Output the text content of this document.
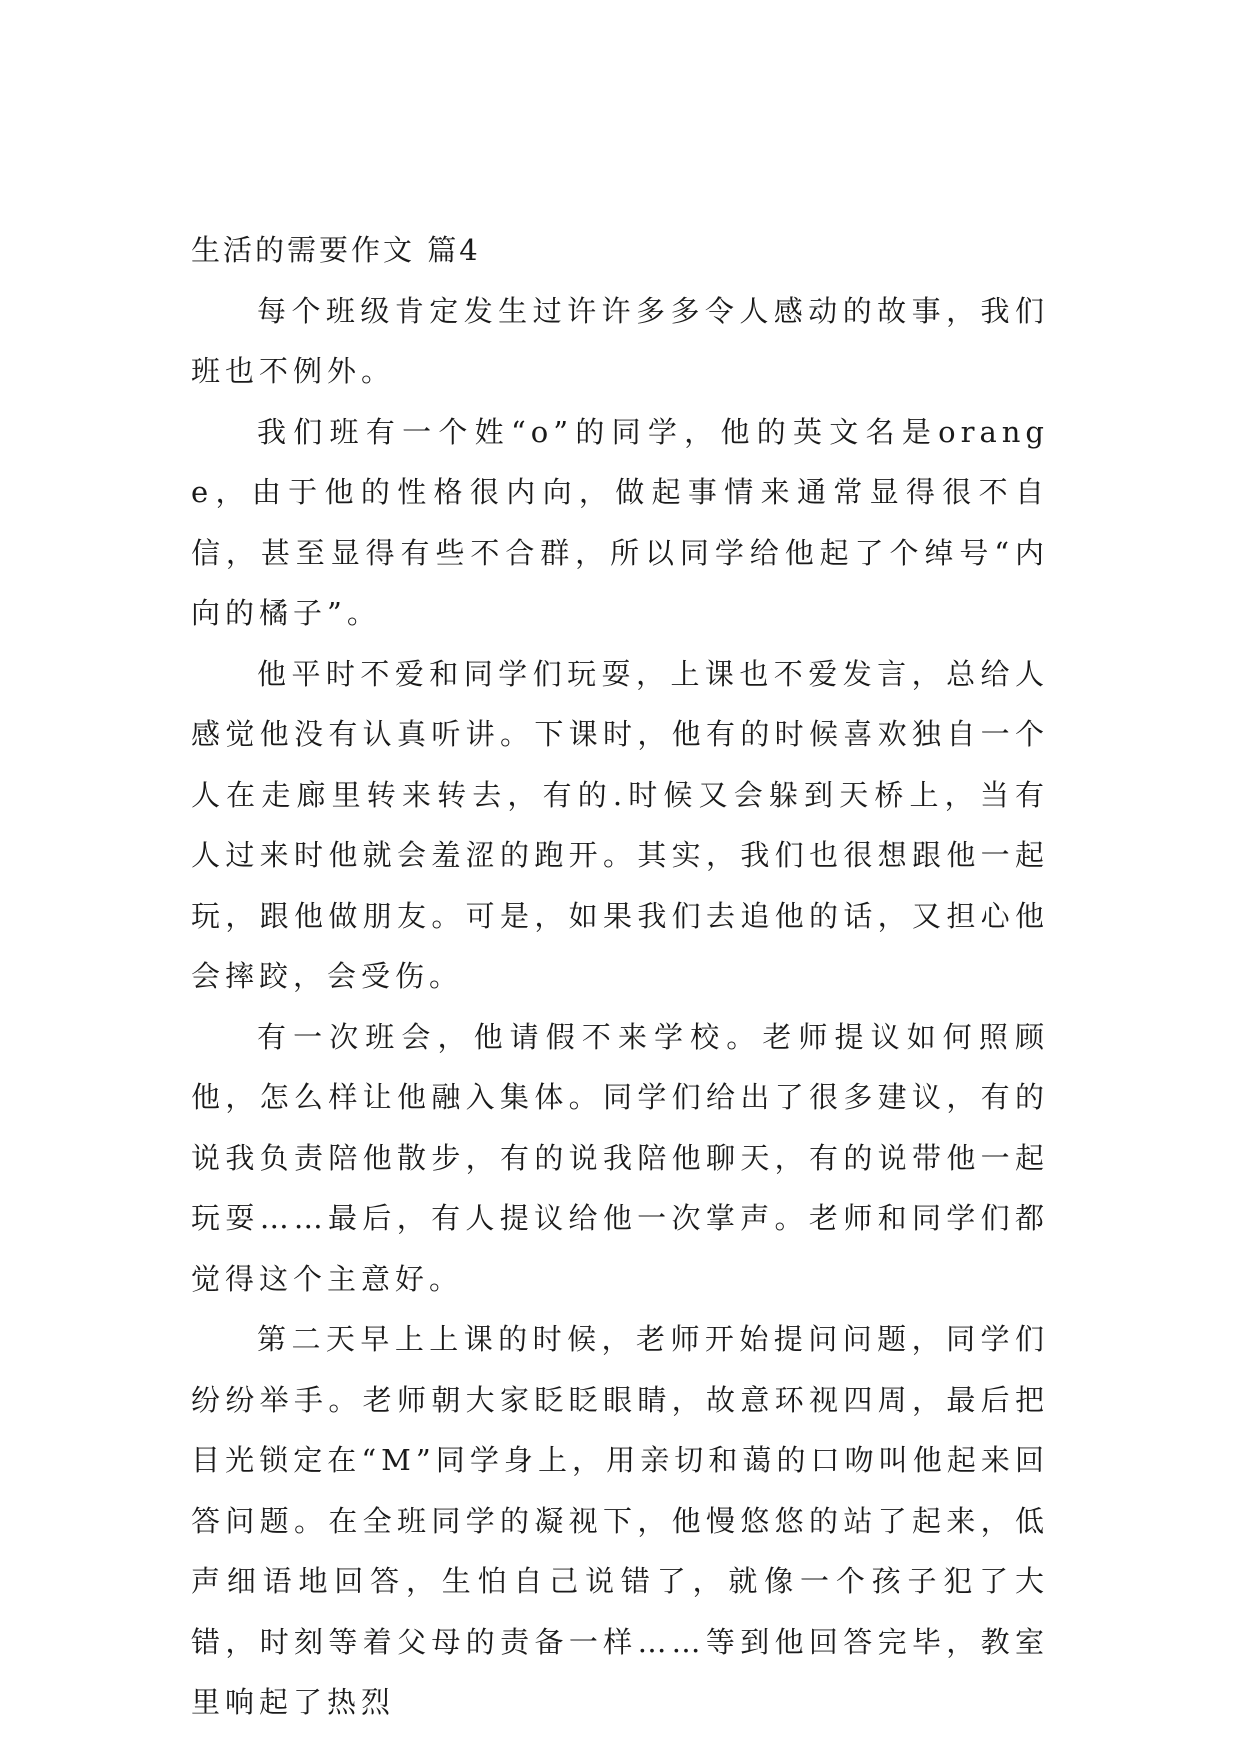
生活的需要作文 篇4

每个班级肯定发生过许许多多令人感动的故事，我们班也不例外。

我们班有一个姓“o”的同学，他的英文名是orange，由于他的性格很内向，做起事情来通常显得很不自信，甚至显得有些不合群，所以同学给他起了个绰号“内向的橘子”。

他平时不爱和同学们玩耍，上课也不爱发言，总给人感觉他没有认真听讲。下课时，他有的时候喜欢独自一个人在走廊里转来转去，有的.时候又会躲到天桥上，当有人过来时他就会羞涩的跑开。其实，我们也很想跟他一起玩，跟他做朋友。可是，如果我们去追他的话，又担心他会摔跤，会受伤。

有一次班会，他请假不来学校。老师提议如何照顾他，怎么样让他融入集体。同学们给出了很多建议，有的说我负责陪他散步，有的说我陪他聊天，有的说带他一起玩耍……最后，有人提议给他一次掌声。老师和同学们都觉得这个主意好。

第二天早上上课的时候，老师开始提问问题，同学们纷纷举手。老师朝大家眨眨眼睛，故意环视四周，最后把目光锁定在“M”同学身上，用亲切和蔼的口吻叫他起来回答问题。在全班同学的凝视下，他慢悠悠的站了起来，低声细语地回答，生怕自己说错了，就像一个孩子犯了大错，时刻等着父母的责备一样……等到他回答完毕，教室里响起了热烈
